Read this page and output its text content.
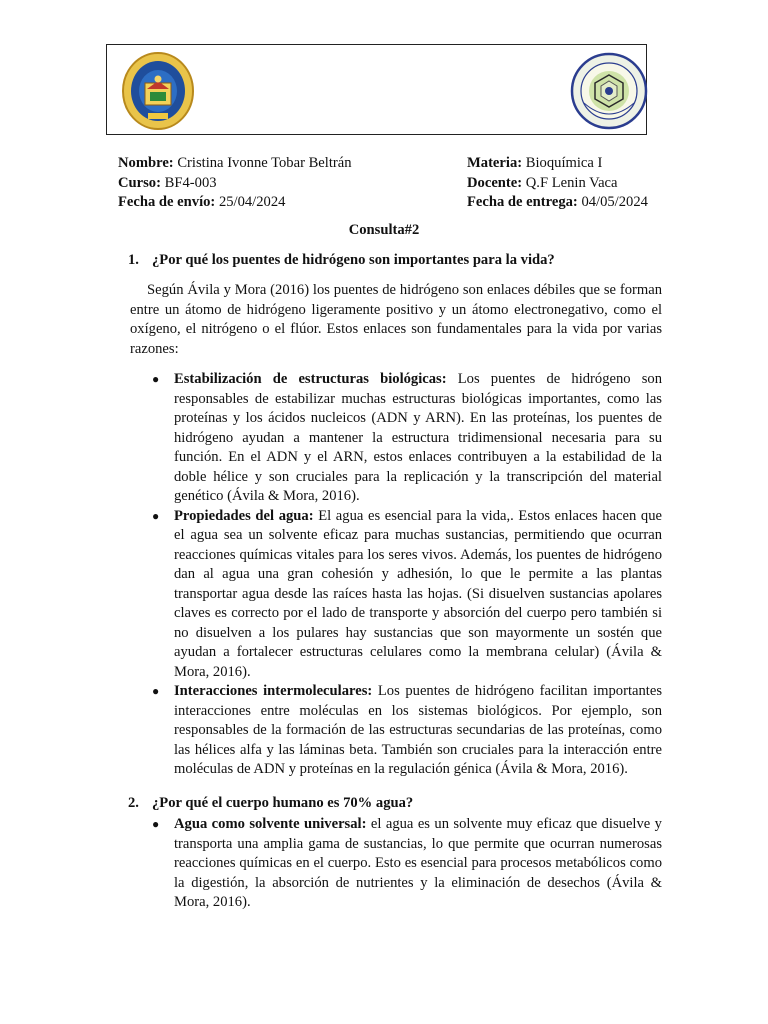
Nombre: Cristina Ivonne Tobar Beltrán
Curso: BF4-003
Fecha de envío: 25/04/2024
Materia: Bioquímica I
Docente: Q.F Lenin Vaca
Fecha de entrega: 04/05/2024
Consulta#2
1. ¿Por qué los puentes de hidrógeno son importantes para la vida?

Según Ávila y Mora (2016) los puentes de hidrógeno son enlaces débiles que se forman entre un átomo de hidrógeno ligeramente positivo y un átomo electronegativo, como el oxígeno, el nitrógeno o el flúor. Estos enlaces son fundamentales para la vida por varias razones:

● Estabilización de estructuras biológicas: Los puentes de hidrógeno son responsables de estabilizar muchas estructuras biológicas importantes, como las proteínas y los ácidos nucleicos (ADN y ARN). En las proteínas, los puentes de hidrógeno ayudan a mantener la estructura tridimensional necesaria para su función. En el ADN y el ARN, estos enlaces contribuyen a la estabilidad de la doble hélice y son cruciales para la replicación y la transcripción del material genético (Ávila & Mora, 2016).
● Propiedades del agua: El agua es esencial para la vida,. Estos enlaces hacen que el agua sea un solvente eficaz para muchas sustancias, permitiendo que ocurran reacciones químicas vitales para los seres vivos. Además, los puentes de hidrógeno dan al agua una gran cohesión y adhesión, lo que le permite a las plantas transportar agua desde las raíces hasta las hojas. (Si disuelven sustancias apolares claves es correcto por el lado de transporte y absorción del cuerpo pero también si no disuelven a los pulares hay sustancias que son mayormente un sostén que ayudan a fortalecer estructuras celulares como la membrana celular) (Ávila & Mora, 2016).
● Interacciones intermoleculares: Los puentes de hidrógeno facilitan importantes interacciones entre moléculas en los sistemas biológicos. Por ejemplo, son responsables de la formación de las estructuras secundarias de las proteínas, como las hélices alfa y las láminas beta. También son cruciales para la interacción entre moléculas de ADN y proteínas en la regulación génica (Ávila & Mora, 2016).
2. ¿Por qué el cuerpo humano es 70% agua?
● Agua como solvente universal: el agua es un solvente muy eficaz que disuelve y transporta una amplia gama de sustancias, lo que permite que ocurran numerosas reacciones químicas en el cuerpo. Esto es esencial para procesos metabólicos como la digestión, la absorción de nutrientes y la eliminación de desechos (Ávila & Mora, 2016).
